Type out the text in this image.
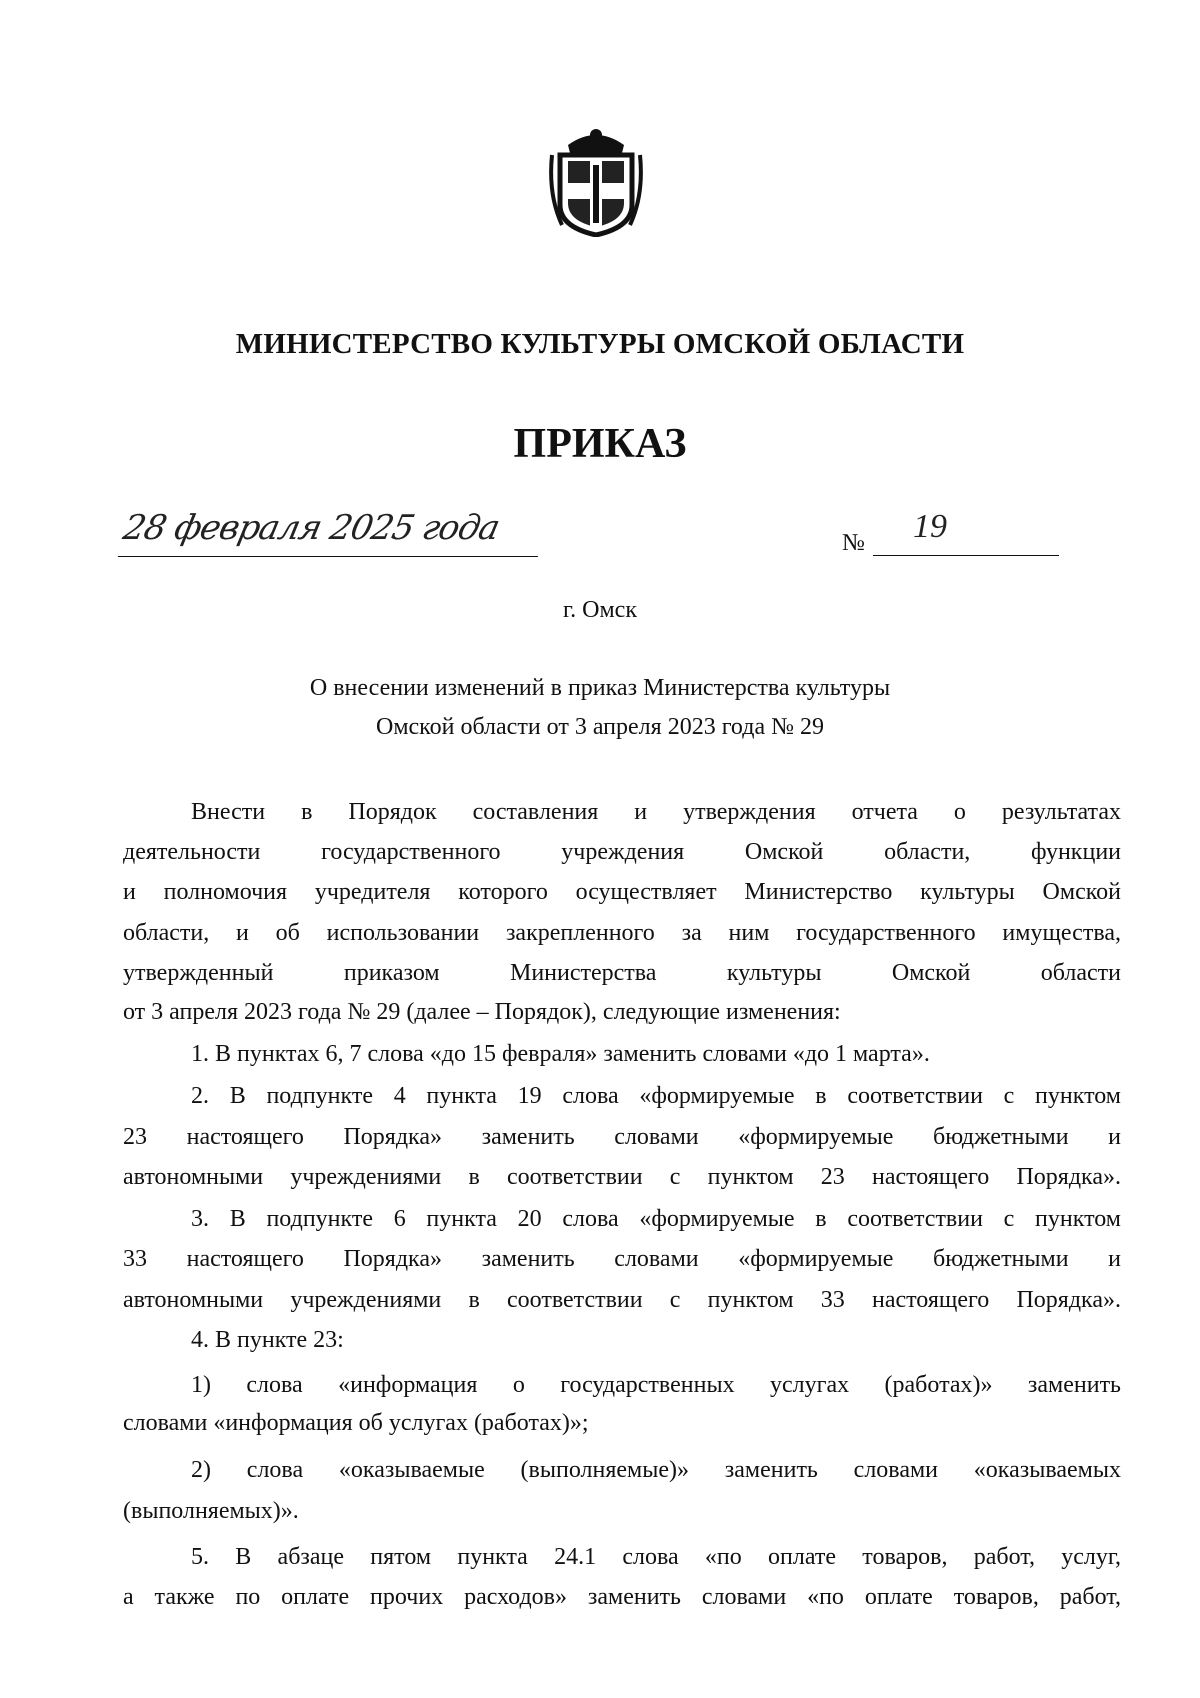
МИНИСТЕРСТВО КУЛЬТУРЫ ОМСКОЙ ОБЛАСТИ
ПРИКАЗ
28 февраля 2025 года	№	19
г. Омск
О внесении изменений в приказ Министерства культуры
Омской области от 3 апреля 2023 года № 29
Внести в Порядок составления и утверждения отчета о результатах
деятельности государственного учреждения Омской области, функции
и полномочия учредителя которого осуществляет Министерство культуры Омской
области, и об использовании закрепленного за ним государственного имущества,
утвержденный приказом Министерства культуры Омской области
от 3 апреля 2023 года № 29 (далее – Порядок), следующие изменения:
1. В пунктах 6, 7 слова «до 15 февраля» заменить словами «до 1 марта».
2. В подпункте 4 пункта 19 слова «формируемые в соответствии с пунктом
23 настоящего Порядка» заменить словами «формируемые бюджетными и
автономными учреждениями в соответствии с пунктом 23 настоящего Порядка».
3. В подпункте 6 пункта 20 слова «формируемые в соответствии с пунктом
33 настоящего Порядка» заменить словами «формируемые бюджетными и
автономными учреждениями в соответствии с пунктом 33 настоящего Порядка».
4. В пункте 23:
1) слова «информация о государственных услугах (работах)» заменить
словами «информация об услугах (работах)»;
2) слова «оказываемые (выполняемые)» заменить словами «оказываемых
(выполняемых)».
5. В абзаце пятом пункта 24.1 слова «по оплате товаров, работ, услуг,
а также по оплате прочих расходов» заменить словами «по оплате товаров, работ,
